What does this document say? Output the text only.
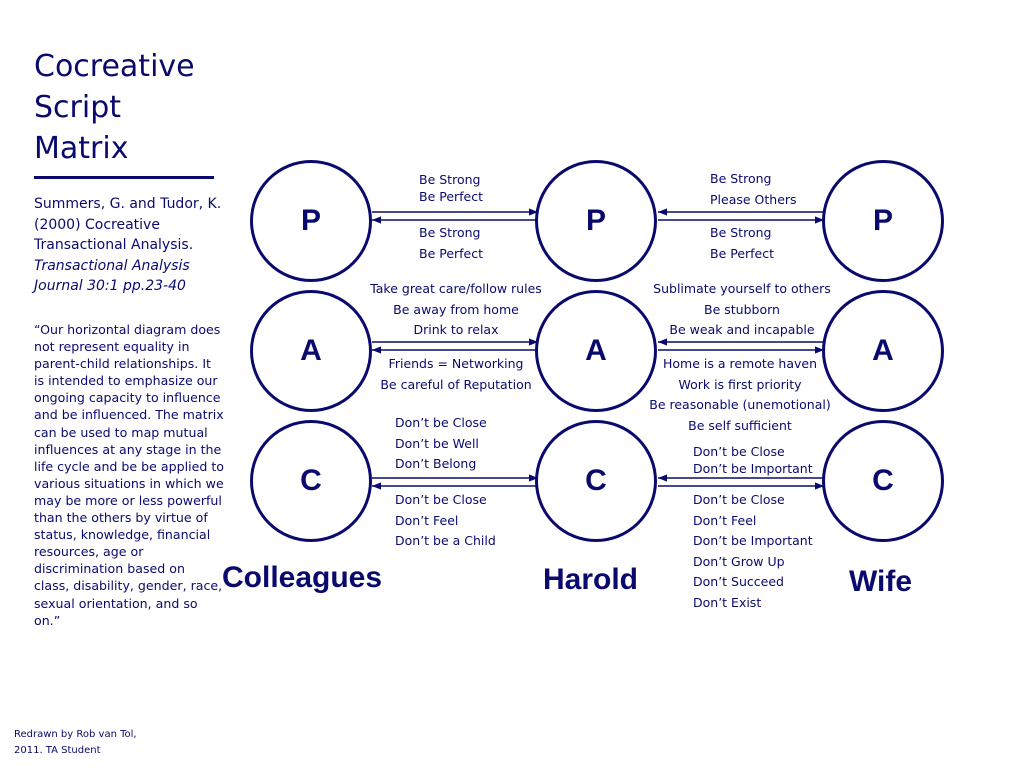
Cocreative
Script
Matrix
Summers, G. and Tudor, K. (2000) Cocreative Transactional Analysis. Transactional Analysis Journal 30:1 pp.23-40
“Our horizontal diagram does not represent equality in parent-child relationships. It is intended to emphasize our ongoing capacity to influence and be influenced. The matrix can be used to map mutual influences at any stage in the life cycle and be be applied to various situations in which we may be more or less powerful than the others by virtue of status, knowledge, financial resources, age or discrimination based on class, disability, gender, race, sexual orientation, and so on.”
Redrawn by Rob van Tol,
2011. TA Student
P
A
C
P
A
C
P
A
C
Colleagues	Harold	Wife
Be Strong
Be Perfect
Be Strong
Be Perfect
Take great care/follow rules
Be away from home
Drink to relax
Friends = Networking
Be careful of Reputation
Don’t be Close
Don’t be Well
Don’t Belong
Don’t be Close
Don’t Feel
Don’t be a Child
Be Strong
Please Others
Be Strong
Be Perfect
Sublimate yourself to others
Be stubborn
Be weak and incapable
Home is a remote haven
Work is first priority
Be reasonable (unemotional)
Be self sufficient
Don’t be Close
Don’t be Important
Don’t be Close
Don’t Feel
Don’t be Important
Don’t Grow Up
Don’t Succeed
Don’t Exist
